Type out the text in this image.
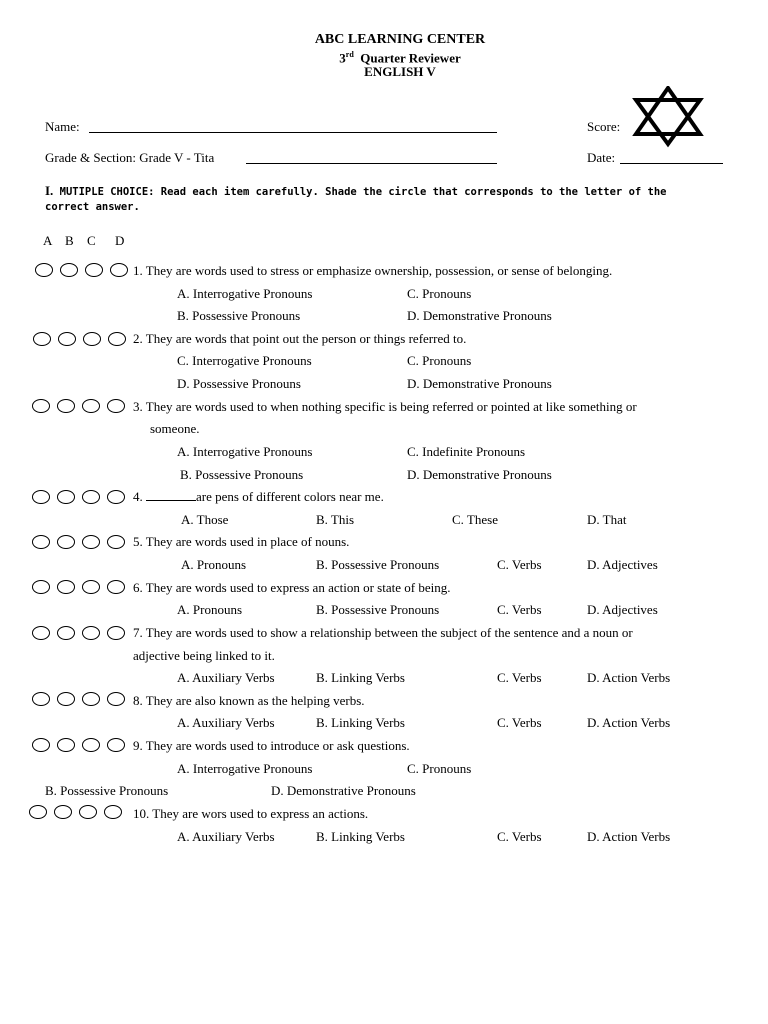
ABC LEARNING CENTER
3rd Quarter Reviewer
ENGLISH V
Name:	Score:
Grade & Section: Grade V - Tita	Date:
I. MUTIPLE CHOICE: Read each item carefully. Shade the circle that corresponds to the letter of the correct answer.
A B C D
1. They are words used to stress or emphasize ownership, possession, or sense of belonging.
A. Interrogative Pronouns	C. Pronouns
B. Possessive Pronouns	D. Demonstrative Pronouns
2. They are words that point out the person or things referred to.
C. Interrogative Pronouns	C. Pronouns
D. Possessive Pronouns	D. Demonstrative Pronouns
3. They are words used to when nothing specific is being referred or pointed at like something or
someone.
A. Interrogative Pronouns	C. Indefinite Pronouns
B. Possessive Pronouns	D. Demonstrative Pronouns
4.	are pens of different colors near me.
A. Those	B. This	C. These	D. That
5. They are words used in place of nouns.
A. Pronouns	B. Possessive Pronouns	C. Verbs	D. Adjectives
6. They are words used to express an action or state of being.
A. Pronouns	B. Possessive Pronouns	C. Verbs	D. Adjectives
7. They are words used to show a relationship between the subject of the sentence and a noun or
adjective being linked to it.
A. Auxiliary Verbs	B. Linking Verbs	C. Verbs	D. Action Verbs
8. They are also known as the helping verbs.
A. Auxiliary Verbs	B. Linking Verbs	C. Verbs	D. Action Verbs
9. They are words used to introduce or ask questions.
A. Interrogative Pronouns	C. Pronouns
B. Possessive Pronouns	D. Demonstrative Pronouns
10. They are wors used to express an actions.
A. Auxiliary Verbs	B. Linking Verbs	C. Verbs	D. Action Verbs
